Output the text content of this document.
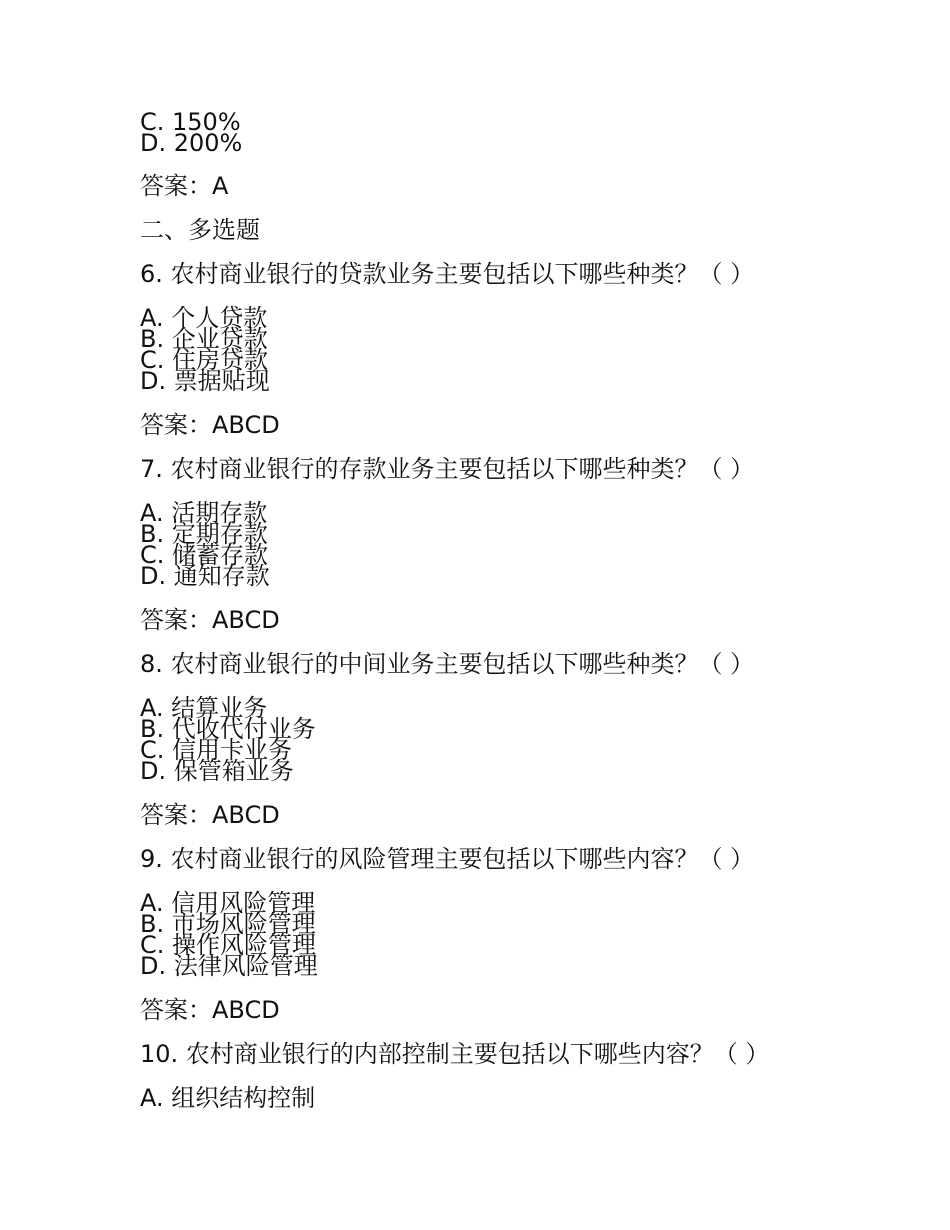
C. 150%
D. 200%
答案：A
二、多选题
6. 农村商业银行的贷款业务主要包括以下哪些种类？（ ）
A. 个人贷款
B. 企业贷款
C. 住房贷款
D. 票据贴现
答案：ABCD
7. 农村商业银行的存款业务主要包括以下哪些种类？（ ）
A. 活期存款
B. 定期存款
C. 储蓄存款
D. 通知存款
答案：ABCD
8. 农村商业银行的中间业务主要包括以下哪些种类？（ ）
A. 结算业务
B. 代收代付业务
C. 信用卡业务
D. 保管箱业务
答案：ABCD
9. 农村商业银行的风险管理主要包括以下哪些内容？（ ）
A. 信用风险管理
B. 市场风险管理
C. 操作风险管理
D. 法律风险管理
答案：ABCD
10. 农村商业银行的内部控制主要包括以下哪些内容？（ ）
A. 组织结构控制
